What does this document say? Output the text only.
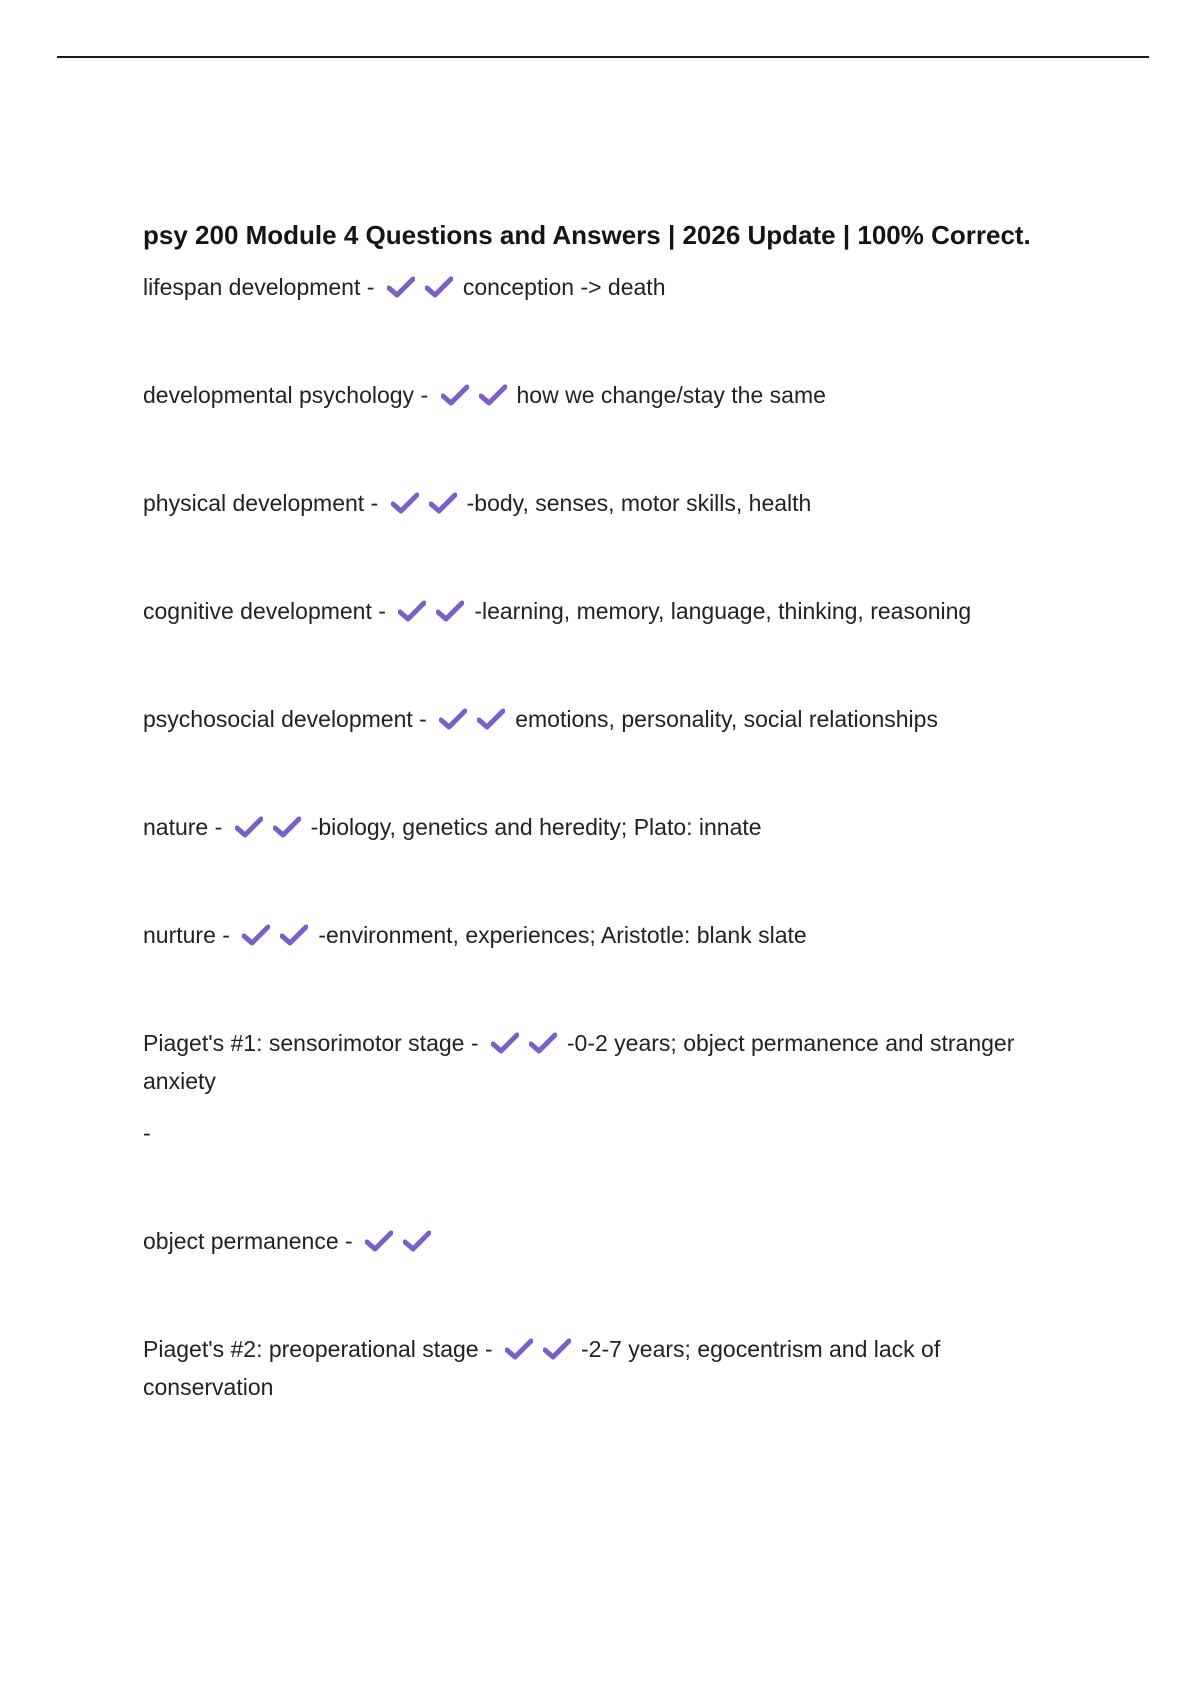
psy 200 Module 4 Questions and Answers | 2026 Update | 100% Correct.

lifespan development -	conception -> death

developmental psychology -	how we change/stay the same

physical development -	-body, senses, motor skills, health

cognitive development -	-learning, memory, language, thinking, reasoning

psychosocial development -	emotions, personality, social relationships

nature -	-biology, genetics and heredity; Plato: innate

nurture -	-environment, experiences; Aristotle: blank slate

Piaget's #1: sensorimotor stage -	-0-2 years; object permanence and stranger anxiety

-

object permanence -

Piaget's #2: preoperational stage -	-2-7 years; egocentrism and lack of conservation
